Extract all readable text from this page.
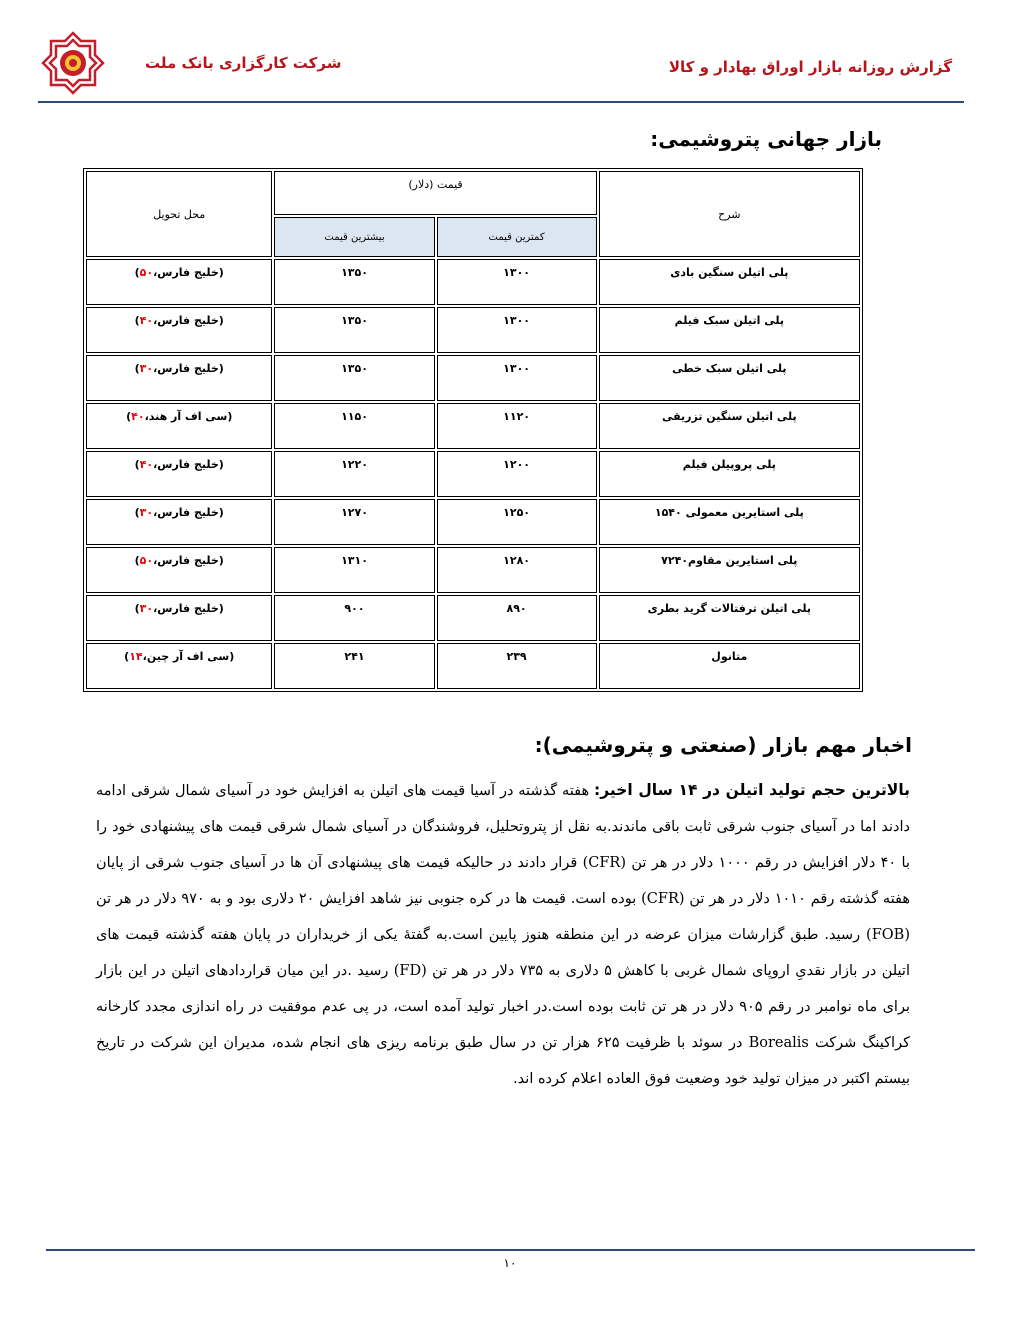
گزارش روزانه بازار اوراق بهادار و کالا
شرکت کارگزاری بانک ملت
بازار جهانی پتروشیمی:
شرح	قیمت (دلار)		محل تحویل
	کمترین قیمت	بیشترین قیمت	
پلی اتیلن سنگین بادی	۱۳۰۰	۱۳۵۰	(خلیج فارس،۵۰)
پلی اتیلن سبک فیلم	۱۳۰۰	۱۳۵۰	(خلیج فارس،۴۰)
پلی اتیلن سبک خطی	۱۳۰۰	۱۳۵۰	(خلیج فارس،۳۰)
پلی اتیلن سنگین تزریقی	۱۱۲۰	۱۱۵۰	(سی اف آر هند،۴۰)
پلی پروپیلن فیلم	۱۲۰۰	۱۲۲۰	(خلیج فارس،۴۰)
پلی استایرین معمولی ۱۵۴۰	۱۲۵۰	۱۲۷۰	(خلیج فارس،۳۰)
پلی استایرین مقاوم۷۲۴۰	۱۲۸۰	۱۳۱۰	(خلیج فارس،۵۰)
پلی اتیلن ترفتالات گرید بطری	۸۹۰	۹۰۰	(خلیج فارس،۳۰)
متانول	۲۳۹	۲۴۱	(سی اف آر چین،۱۴)
اخبار مهم بازار (صنعتی و پتروشیمی):
بالاترین حجم تولید اتیلن در ۱۴ سال اخیر: هفته گذشته در آسیا قیمت های اتیلن به افزایش خود در آسیای شمال شرقی ادامه دادند اما در آسیای جنوب شرقی ثابت باقی ماندند.به نقل از پتروتحلیل، فروشندگان در آسیای شمال شرقی قیمت های پیشنهادی خود را با ۴۰ دلار افزایش در رقم ۱۰۰۰ دلار در هر تن (CFR) قرار دادند در حالیکه قیمت های پیشنهادی آن ها در آسیای جنوب شرقی از پایان هفته گذشته رقم ۱۰۱۰ دلار در هر تن (CFR) بوده است. قیمت ها در کره جنوبی نیز شاهد افزایش ۲۰ دلاری بود و به ۹۷۰ دلار در هر تن (FOB) رسید. طبق گزارشات میزان عرضه در این منطقه هنوز پایین است.به گفتهٔ یکی از خریداران در پایان هفته گذشته قیمت های اتیلن در بازار نقدیِ اروپای شمال غربی با کاهش ۵ دلاری به ۷۳۵ دلار در هر تن (FD) رسید .در این میان قراردادهای اتیلن در این بازار برای ماه نوامبر در رقم ۹۰۵ دلار در هر تن ثابت بوده است.در اخبار تولید آمده است، در پی عدم موفقیت در راه اندازی مجدد کارخانه کراکینگ شرکت Borealis در سوئد با ظرفیت ۶۲۵ هزار تن در سال طبق برنامه ریزی های انجام شده، مدیران این شرکت در تاریخ بیستم اکتبر در میزان تولید خود وضعیت فوق العاده اعلام کرده اند.
۱۰
